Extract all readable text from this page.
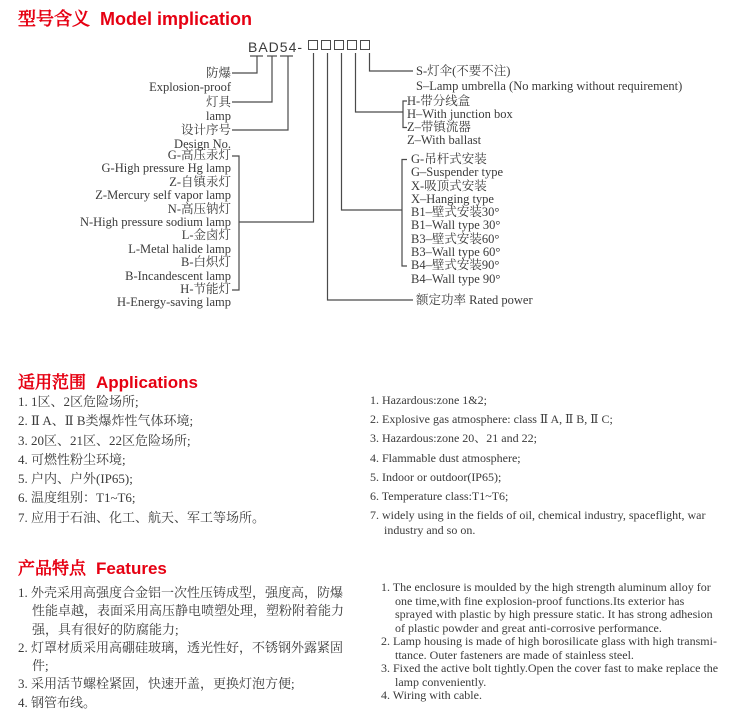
型号含义 Model implication
BAD54-
防爆
Explosion-proof
灯具
lamp
设计序号
Design No.
G-高压汞灯
G-High pressure Hg lamp
Z-自镇汞灯
Z-Mercury self vapor lamp
N-高压钠灯
N-High pressure sodium lamp
L-金卤灯
L-Metal halide lamp
B-白炽灯
B-Incandescent lamp
H-节能灯
H-Energy-saving lamp
S-灯伞(不要不注)
S–Lamp umbrella (No marking without requirement)
H-带分线盒
H–With junction box
Z–带镇流器
Z–With ballast
G-吊杆式安装
G–Suspender type
X-吸顶式安装
X–Hanging type
B1–壁式安装30°
B1–Wall type 30°
B3–壁式安装60°
B3–Wall type 60°
B4–壁式安装90°
B4–Wall type 90°
额定功率 Rated power
适用范围 Applications
1. 1区、2区危险场所;
2. Ⅱ A、Ⅱ B类爆炸性气体环境;
3. 20区、21区、22区危险场所;
4. 可燃性粉尘环境;
5. 户内、户外(IP65);
6. 温度组别：T1~T6;
7. 应用于石油、化工、航天、军工等场所。
1. Hazardous:zone 1&2;
2. Explosive gas atmosphere: class Ⅱ A, Ⅱ B, Ⅱ C;
3. Hazardous:zone 20、21 and 22;
4. Flammable dust atmosphere;
5. Indoor or outdoor(IP65);
6. Temperature class:T1~T6;
7. widely using in the fields of oil, chemical industry, spaceflight, war industry and so on.
产品特点 Features
1. 外壳采用高强度合金铝一次性压铸成型，强度高，防爆性能卓越，表面采用高压静电喷塑处理，塑粉附着能力强，具有很好的防腐能力;
2. 灯罩材质采用高硼硅玻璃，透光性好，不锈钢外露紧固件;
3. 采用活节螺栓紧固，快速开盖，更换灯泡方便;
4. 钢管布线。
1. The enclosure is moulded by the high strength aluminum alloy for one time,with fine explosion-proof functions.Its exterior has sprayed with plastic by high pressure static. It has strong adhesion of plastic powder and great anti-corrosive performance.
2. Lamp housing is made of high borosilicate glass with high transmi- ttance. Outer fasteners are made of stainless steel.
3. Fixed the active bolt tightly.Open the cover fast to make replace the lamp conveniently.
4. Wiring with cable.
